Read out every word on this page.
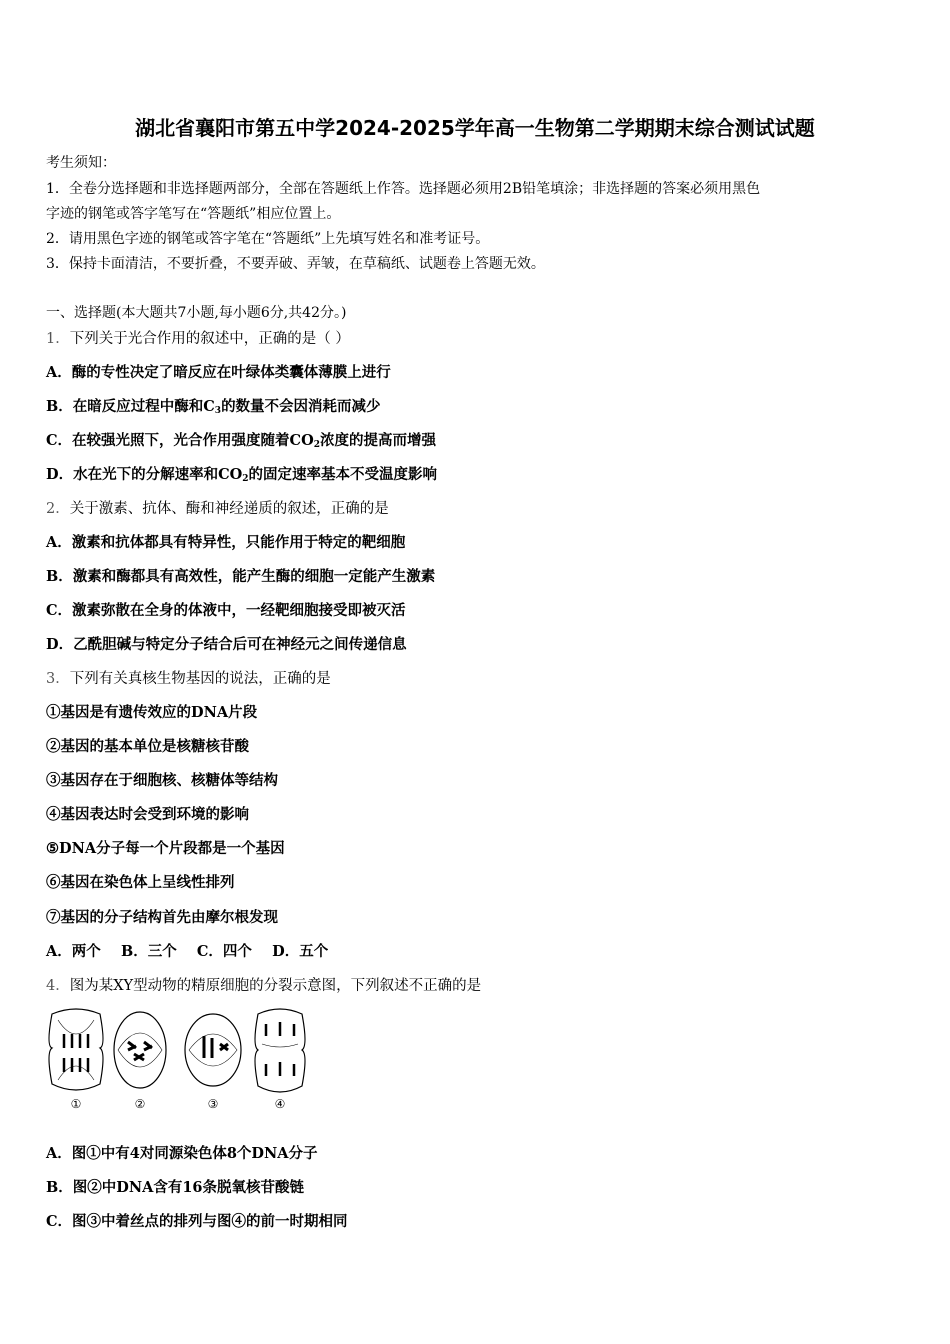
湖北省襄阳市第五中学2024-2025学年高一生物第二学期期末综合测试试题
考生须知：
1．全卷分选择题和非选择题两部分，全部在答题纸上作答。选择题必须用2B铅笔填涂；非选择题的答案必须用黑色
字迹的钢笔或答字笔写在“答题纸”相应位置上。
2．请用黑色字迹的钢笔或答字笔在“答题纸”上先填写姓名和准考证号。
3．保持卡面清洁，不要折叠，不要弄破、弄皱，在草稿纸、试题卷上答题无效。
一、选择题(本大题共7小题,每小题6分,共42分。)
1．下列关于光合作用的叙述中，正确的是（ ）
A．酶的专性决定了暗反应在叶绿体类囊体薄膜上进行
B．在暗反应过程中酶和$C_3$的数量不会因消耗而减少
C．在较强光照下，光合作用强度随着$CO_2$浓度的提高而增强
D．水在光下的分解速率和$CO_2$的固定速率基本不受温度影响
2．关于激素、抗体、酶和神经递质的叙述，正确的是
A．激素和抗体都具有特异性，只能作用于特定的靶细胞
B．激素和酶都具有高效性，能产生酶的细胞一定能产生激素
C．激素弥散在全身的体液中，一经靶细胞接受即被灭活
D．乙酰胆碱与特定分子结合后可在神经元之间传递信息
3．下列有关真核生物基因的说法，正确的是
①基因是有遗传效应的DNA片段
②基因的基本单位是核糖核苷酸
③基因存在于细胞核、核糖体等结构
④基因表达时会受到环境的影响
⑤DNA分子每一个片段都是一个基因
⑥基因在染色体上呈线性排列
⑦基因的分子结构首先由摩尔根发现
A．两个    B．三个    C．四个    D．五个
4．图为某XY型动物的精原细胞的分裂示意图，下列叙述不正确的是
①	②	③	④
A．图①中有4对同源染色体8个DNA分子
B．图②中DNA含有16条脱氧核苷酸链
C．图③中着丝点的排列与图④的前一时期相同
